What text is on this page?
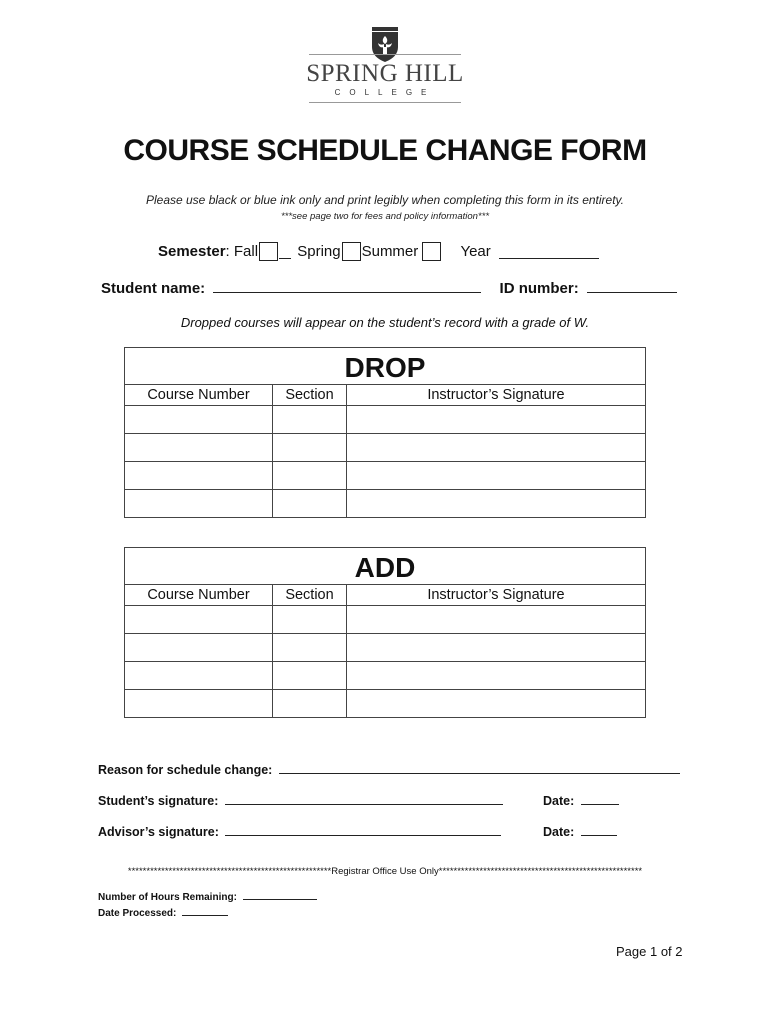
SPRING HILL
COLLEGE
COURSE SCHEDULE CHANGE FORM
Please use black or blue ink only and print legibly when completing this form in its entirety.
***see page two for fees and policy information***
Semester: Fall	Spring Summer	Year
Student name:	ID number:
Dropped courses will appear on the student’s record with a grade of W.
DROP		
Course Number	Section	Instructor’s Signature

ADD		
Course Number	Section	Instructor’s Signature

Reason for schedule change:
Student’s signature:	Date:
Advisor’s signature:	Date:
*******************************************************Registrar Office Use Only*******************************************************
Number of Hours Remaining:
Date Processed:
Page 1 of 2
